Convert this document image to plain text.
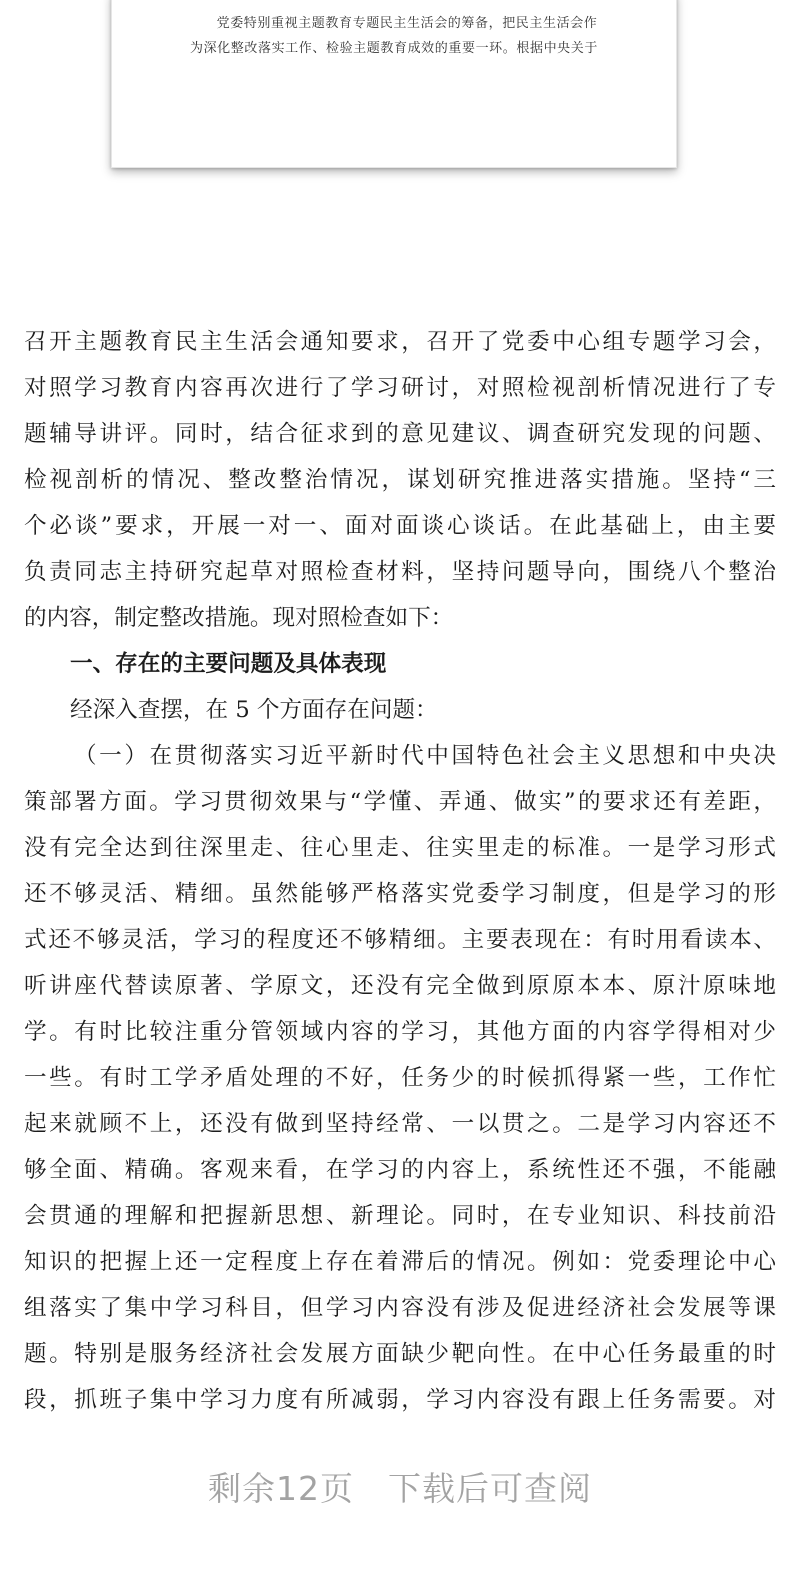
党委特别重视主题教育专题民主生活会的筹备，把民主生活会作
为深化整改落实工作、检验主题教育成效的重要一环。根据中央关于
召开主题教育民主生活会通知要求，召开了党委中心组专题学习会，
对照学习教育内容再次进行了学习研讨，对照检视剖析情况进行了专
题辅导讲评。同时，结合征求到的意见建议、调查研究发现的问题、
检视剖析的情况、整改整治情况，谋划研究推进落实措施。坚持“三
个必谈”要求，开展一对一、面对面谈心谈话。在此基础上，由主要
负责同志主持研究起草对照检查材料，坚持问题导向，围绕八个整治
的内容，制定整改措施。现对照检查如下：
一、存在的主要问题及具体表现
经深入查摆，在 5 个方面存在问题：
（一）在贯彻落实习近平新时代中国特色社会主义思想和中央决
策部署方面。学习贯彻效果与“学懂、弄通、做实”的要求还有差距，
没有完全达到往深里走、往心里走、往实里走的标准。一是学习形式
还不够灵活、精细。虽然能够严格落实党委学习制度，但是学习的形
式还不够灵活，学习的程度还不够精细。主要表现在：有时用看读本、
听讲座代替读原著、学原文，还没有完全做到原原本本、原汁原味地
学。有时比较注重分管领域内容的学习，其他方面的内容学得相对少
一些。有时工学矛盾处理的不好，任务少的时候抓得紧一些，工作忙
起来就顾不上，还没有做到坚持经常、一以贯之。二是学习内容还不
够全面、精确。客观来看，在学习的内容上，系统性还不强，不能融
会贯通的理解和把握新思想、新理论。同时，在专业知识、科技前沿
知识的把握上还一定程度上存在着滞后的情况。例如：党委理论中心
组落实了集中学习科目，但学习内容没有涉及促进经济社会发展等课
题。特别是服务经济社会发展方面缺少靶向性。在中心任务最重的时
段，抓班子集中学习力度有所减弱，学习内容没有跟上任务需要。对
剩余12页 下载后可查阅
